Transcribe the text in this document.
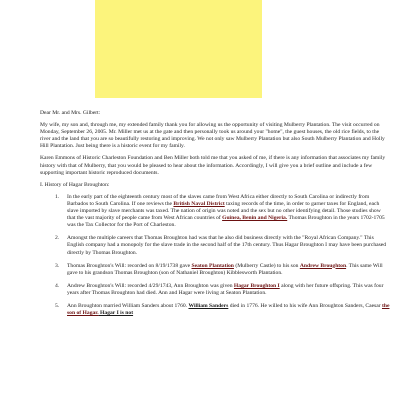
Dear Mr. and Mrs. Gilbert:

My wife, my son and, through me, my extended family thank you for allowing us the opportunity of visiting Mulberry Plantation. The visit occurred on Monday, September 26, 2005. Mr. Miller met us at the gate and then personally took us around your "home", the guest houses, the old rice fields, to the river and the land that you are so beautifully restoring and improving. We not only saw Mulberry Plantation but also South Mulberry Plantation and Holly Hill Plantation. Just being there is a historic event for my family.

Karen Emmons of Historic Charleston Foundation and Ben Miller both told me that you asked of me, if there is any information that associates my family history with that of Mulberry, that you would be pleased to hear about the information. Accordingly, I will give you a brief outline and include a few supporting important historic reproduced documents.

I. History of Hagar Broughton:

1. In the early part of the eighteenth century most of the slaves came from West Africa either directly to South Carolina or indirectly from Barbados to South Carolina. If one reviews the British Naval District taxing records of the time, in order to garner taxes for England, each slave imported by slave merchants was taxed. The nation of origin was noted and the sex but no other identifying detail. Those studies show that the vast majority of people came from West African countries of Guinea, Benin and Nigeria. Thomas Broughton in the years 1702-1705 was the Tax Collector for the Port of Charleston.
2. Amongst the multiple careers that Thomas Broughton had was that he also did business directly with the "Royal African Company." This English company had a monopoly for the slave trade in the second half of the 17th century. Thus Hagar Broughton I may have been purchased directly by Thomas Broughton.
3. Thomas Broughton's Will: recorded on 8/19/1738 gave Seaton Plantation (Mulberry Castle) to his son Andrew Broughton. This same Will gave to his grandson Thomas Broughton (son of Nathaniel Broughton) Kibblesworth Plantation.
4. Andrew Broughton's Will: recorded 4/29/1743, Ann Broughton was given Hagar Broughton I along with her future offspring. This was four years after Thomas Broughton had died. Ann and Hagar were living at Seaton Plantation.
5. Ann Broughton married William Sanders about 1760. William Sanders died in 1776. He willed to his wife Ann Broughton Sanders, Caesar the son of Hagar. Hagar I is not
